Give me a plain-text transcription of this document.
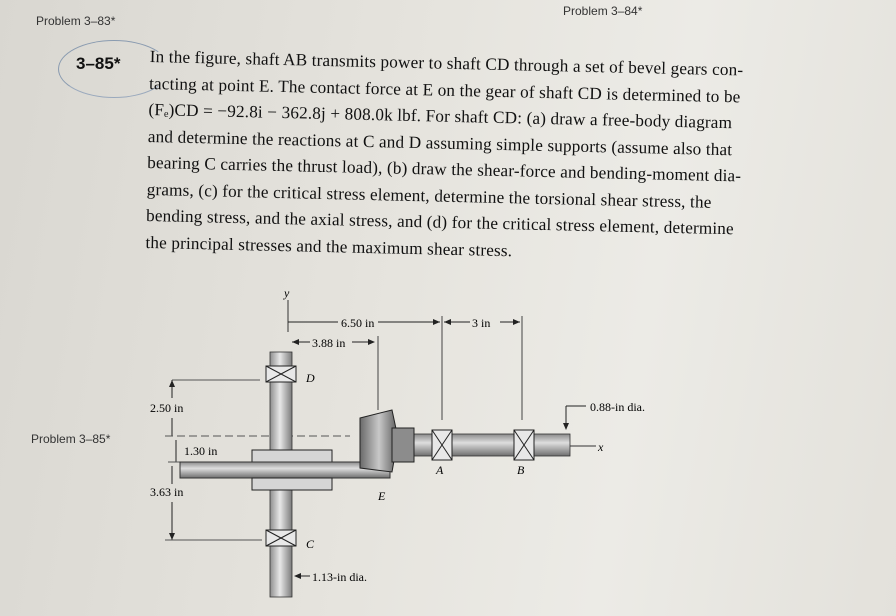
Problem 3–83*
Problem 3–84*
3–85* In the figure, shaft AB transmits power to shaft CD through a set of bevel gears con-
tacting at point E. The contact force at E on the gear of shaft CD is determined to be
(Fₑ)CD = −92.8i − 362.8j + 808.0k lbf. For shaft CD: (a) draw a free-body diagram
and determine the reactions at C and D assuming simple supports (assume also that
bearing C carries the thrust load), (b) draw the shear-force and bending-moment dia-
grams, (c) for the critical stress element, determine the torsional shear stress, the
bending stress, and the axial stress, and (d) for the critical stress element, determine
the principal stresses and the maximum shear stress.
Problem 3–85*
y
6.50 in	3 in
3.88 in
2.50 in
1.30 in
3.63 in
D
C
E
A	B
x
0.88-in dia.
1.13-in dia.
